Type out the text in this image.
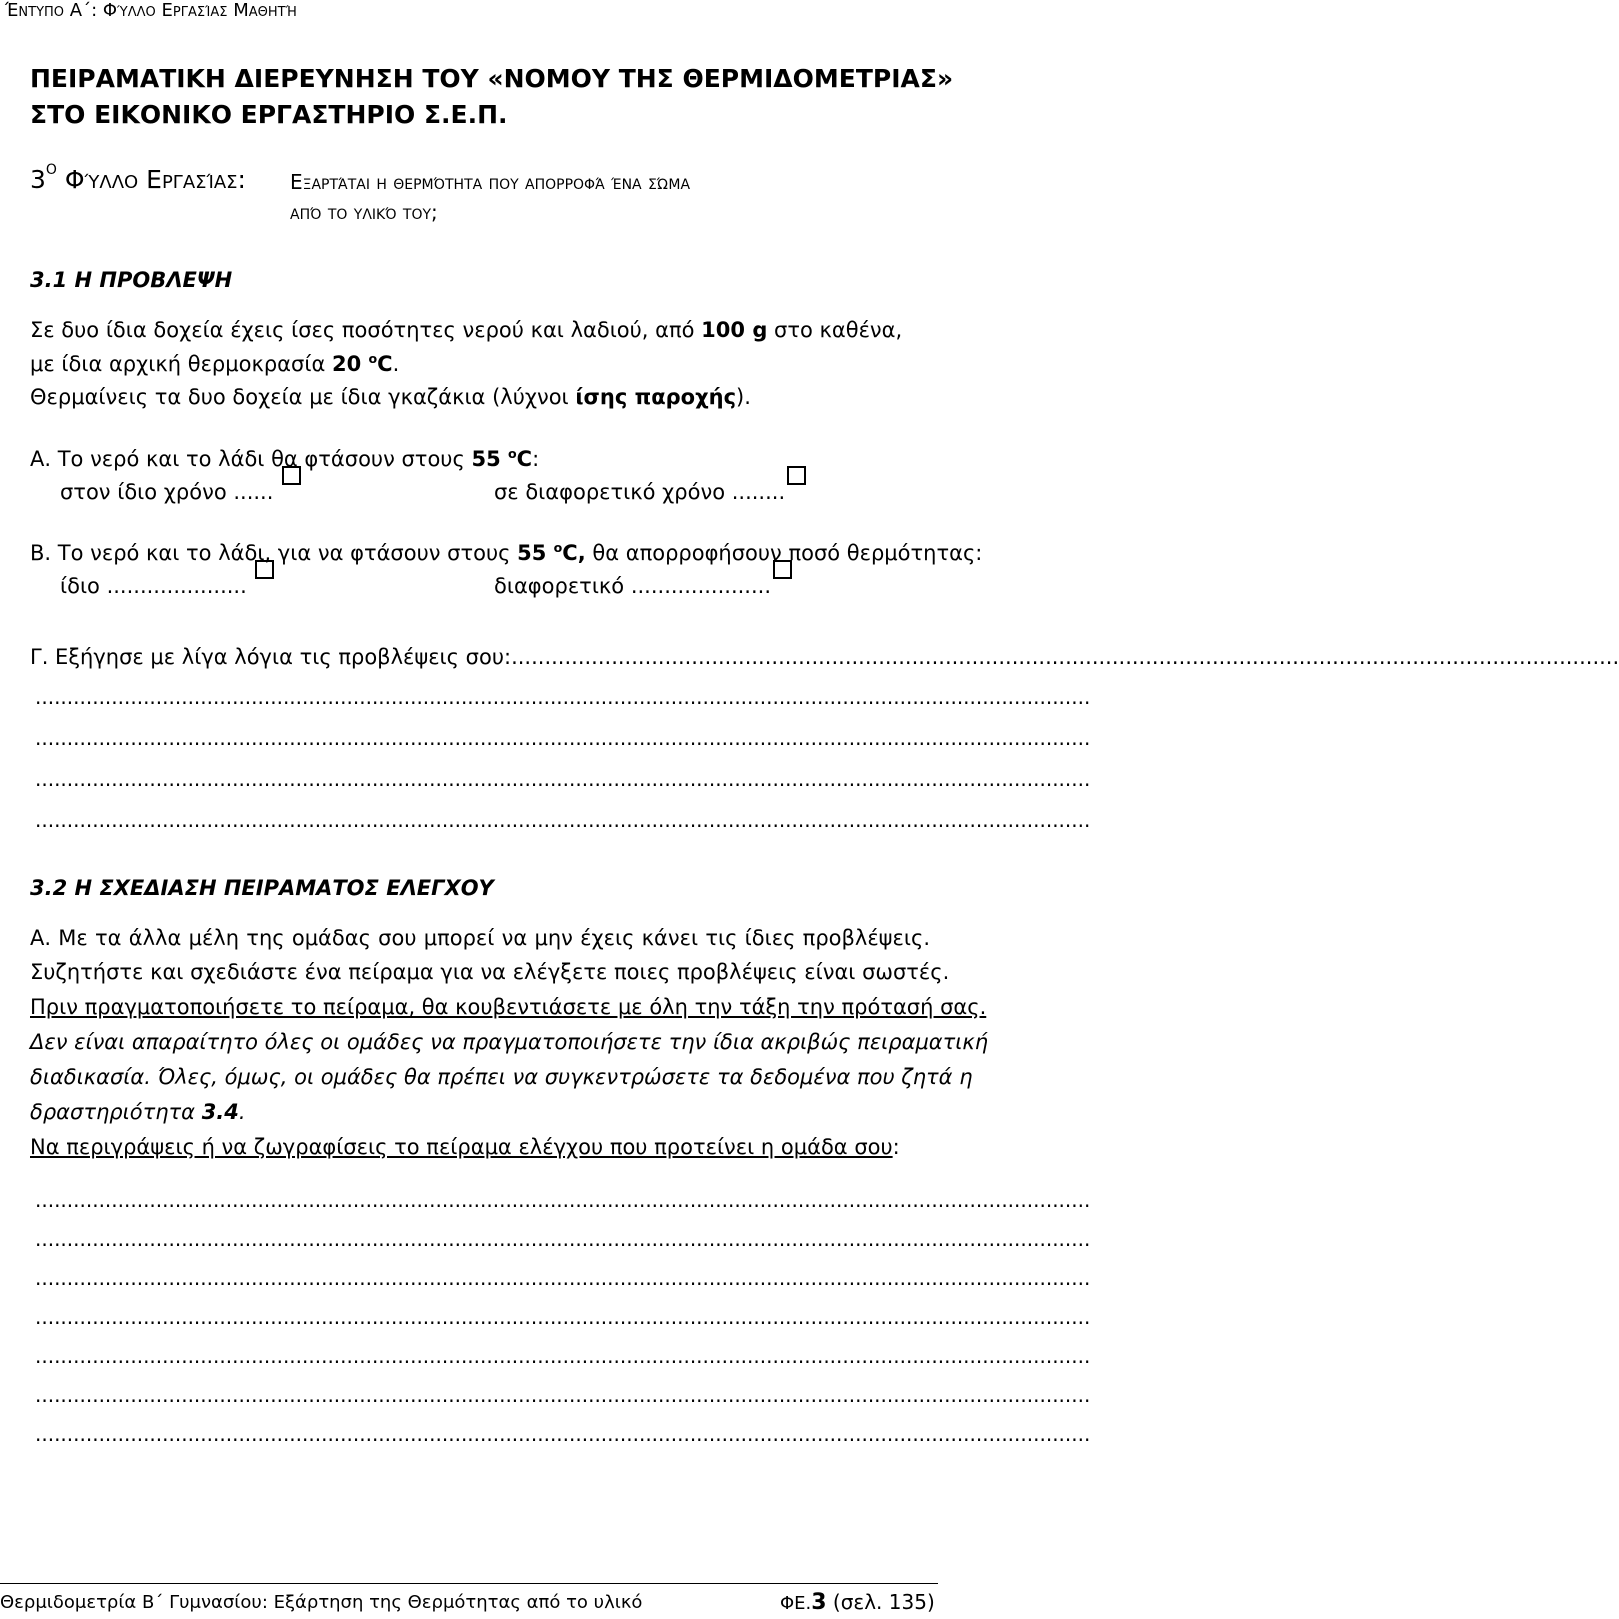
Έντυπο Α΄: Φύλλο Εργασίας Μαθητή
ΠΕΙΡΑΜΑΤΙΚΗ ΔΙΕΡΕΥΝΗΣΗ ΤΟΥ «ΝΟΜΟΥ ΤΗΣ ΘΕΡΜΙΔΟΜΕΤΡΙΑΣ»
ΣΤΟ ΕΙΚΟΝΙΚΟ ΕΡΓΑΣΤΗΡΙΟ Σ.Ε.Π.
$3^O$ Φύλλο Εργασίας: Εξαρτάται η θερμότητα που απορροφά ένα σώμα
από το υλικό του;
3.1 Η ΠΡΟΒΛΕΨΗ
Σε δυο ίδια δοχεία έχεις ίσες ποσότητες νερού και λαδιού, από 100 g στο καθένα,
με ίδια αρχική θερμοκρασία 20 $^o$C.
Θερμαίνεις τα δυο δοχεία με ίδια γκαζάκια (λύχνοι ίσης παροχής).
Α. Το νερό και το λάδι θα φτάσουν στους 55 $^o$C:
στον ίδιο χρόνο ......	σε διαφορετικό χρόνο ........
Β. Το νερό και το λάδι, για να φτάσουν στους 55 $^o$C, θα απορροφήσουν ποσό θερμότητας:
ίδιο .....................	διαφορετικό .....................
Γ. Εξήγησε με λίγα λόγια τις προβλέψεις σου:......................................................................................................................................................................
......................................................................................................................................................................
......................................................................................................................................................................
......................................................................................................................................................................
......................................................................................................................................................................
3.2 Η ΣΧΕΔΙΑΣΗ ΠΕΙΡΑΜΑΤΟΣ ΕΛΕΓΧΟΥ
Α. Με τα άλλα μέλη της ομάδας σου μπορεί να μην έχεις κάνει τις ίδιες προβλέψεις.
Συζητήστε και σχεδιάστε ένα πείραμα για να ελέγξετε ποιες προβλέψεις είναι σωστές.
Πριν πραγματοποιήσετε το πείραμα, θα κουβεντιάσετε με όλη την τάξη την πρότασή σας.
Δεν είναι απαραίτητο όλες οι ομάδες να πραγματοποιήσετε την ίδια ακριβώς πειραματική
διαδικασία. Όλες, όμως, οι ομάδες θα πρέπει να συγκεντρώσετε τα δεδομένα που ζητά η
δραστηριότητα 3.4.
Να περιγράψεις ή να ζωγραφίσεις το πείραμα ελέγχου που προτείνει η ομάδα σου:
......................................................................................................................................................................
......................................................................................................................................................................
......................................................................................................................................................................
......................................................................................................................................................................
......................................................................................................................................................................
......................................................................................................................................................................
......................................................................................................................................................................
Θερμιδομετρία Β΄ Γυμνασίου: Εξάρτηση της Θερμότητας από το υλικό	ΦΕ.3 (σελ. 135)
